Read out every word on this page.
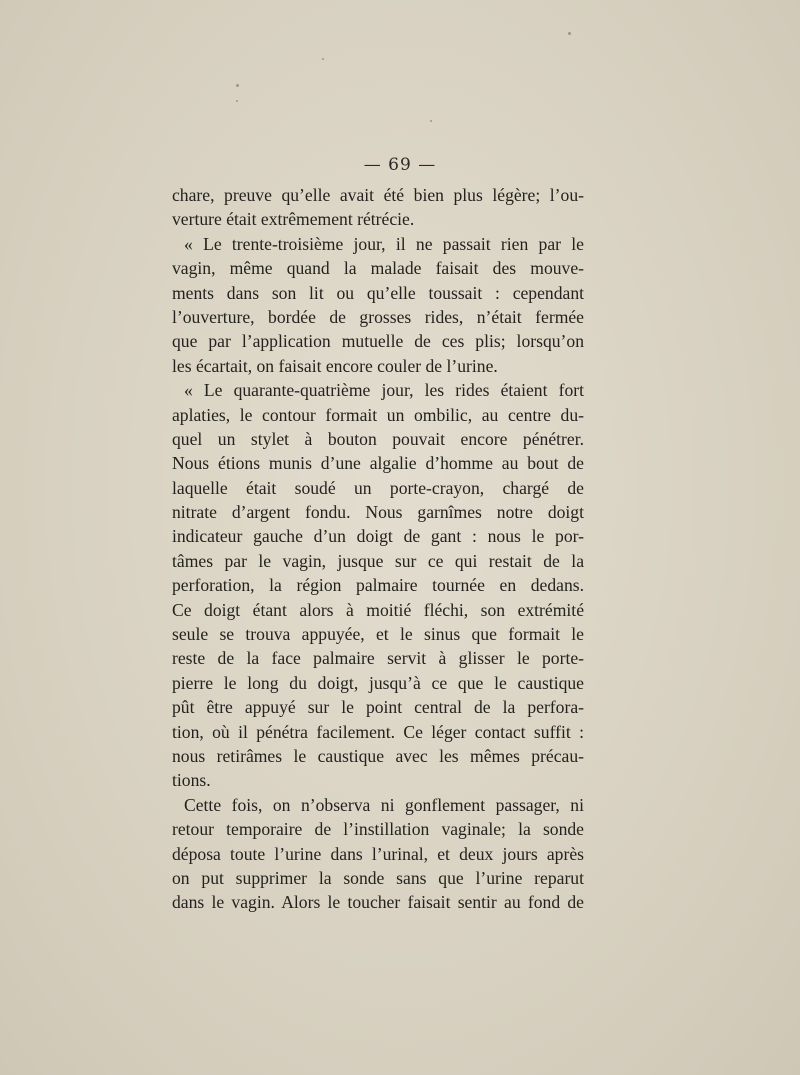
— 69 —
chare, preuve qu’elle avait été bien plus légère; l’ou-
verture était extrêmement rétrécie.
« Le trente-troisième jour, il ne passait rien par le
vagin, même quand la malade faisait des mouve-
ments dans son lit ou qu’elle toussait : cependant
l’ouverture, bordée de grosses rides, n’était fermée
que par l’application mutuelle de ces plis; lorsqu’on
les écartait, on faisait encore couler de l’urine.
« Le quarante-quatrième jour, les rides étaient fort
aplaties, le contour formait un ombilic, au centre du-
quel un stylet à bouton pouvait encore pénétrer.
Nous étions munis d’une algalie d’homme au bout de
laquelle était soudé un porte-crayon, chargé de
nitrate d’argent fondu. Nous garnîmes notre doigt
indicateur gauche d’un doigt de gant : nous le por-
tâmes par le vagin, jusque sur ce qui restait de la
perforation, la région palmaire tournée en dedans.
Ce doigt étant alors à moitié fléchi, son extrémité
seule se trouva appuyée, et le sinus que formait le
reste de la face palmaire servit à glisser le porte-
pierre le long du doigt, jusqu’à ce que le caustique
pût être appuyé sur le point central de la perfora-
tion, où il pénétra facilement. Ce léger contact suffit :
nous retirâmes le caustique avec les mêmes précau-
tions.
Cette fois, on n’observa ni gonflement passager, ni
retour temporaire de l’instillation vaginale; la sonde
déposa toute l’urine dans l’urinal, et deux jours après
on put supprimer la sonde sans que l’urine reparut
dans le vagin. Alors le toucher faisait sentir au fond de
